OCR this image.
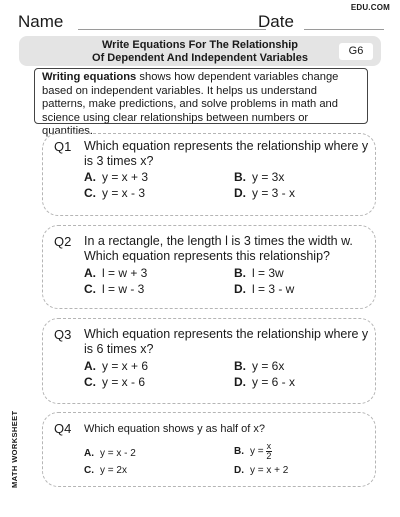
Name	Date
EDU.COM
Write Equations For The Relationship
Of Dependent And Independent Variables
G6
Writing equations shows how dependent variables change based on independent variables. It helps us understand patterns, make predictions, and solve problems in math and science using clear relationships between numbers or quantities.
Q1 Which equation represents the relationship where y is 3 times x?
A. y = x + 3	B. y = 3x
C. y = x - 3	D. y = 3 - x
Q2 In a rectangle, the length l is 3 times the width w. Which equation represents this relationship?
A. l = w + 3	B. l = 3w
C. l = w - 3	D. l = 3 - w
Q3 Which equation represents the relationship where y is 6 times x?
A. y = x + 6	B. y = 6x
C. y = x - 6	D. y = 6 - x
Q4 Which equation shows y as half of x?
A. y = x - 2	B. $y = \frac{x}{2}$
C. y = 2x	D. y = x + 2
MATH WORKSHEET
